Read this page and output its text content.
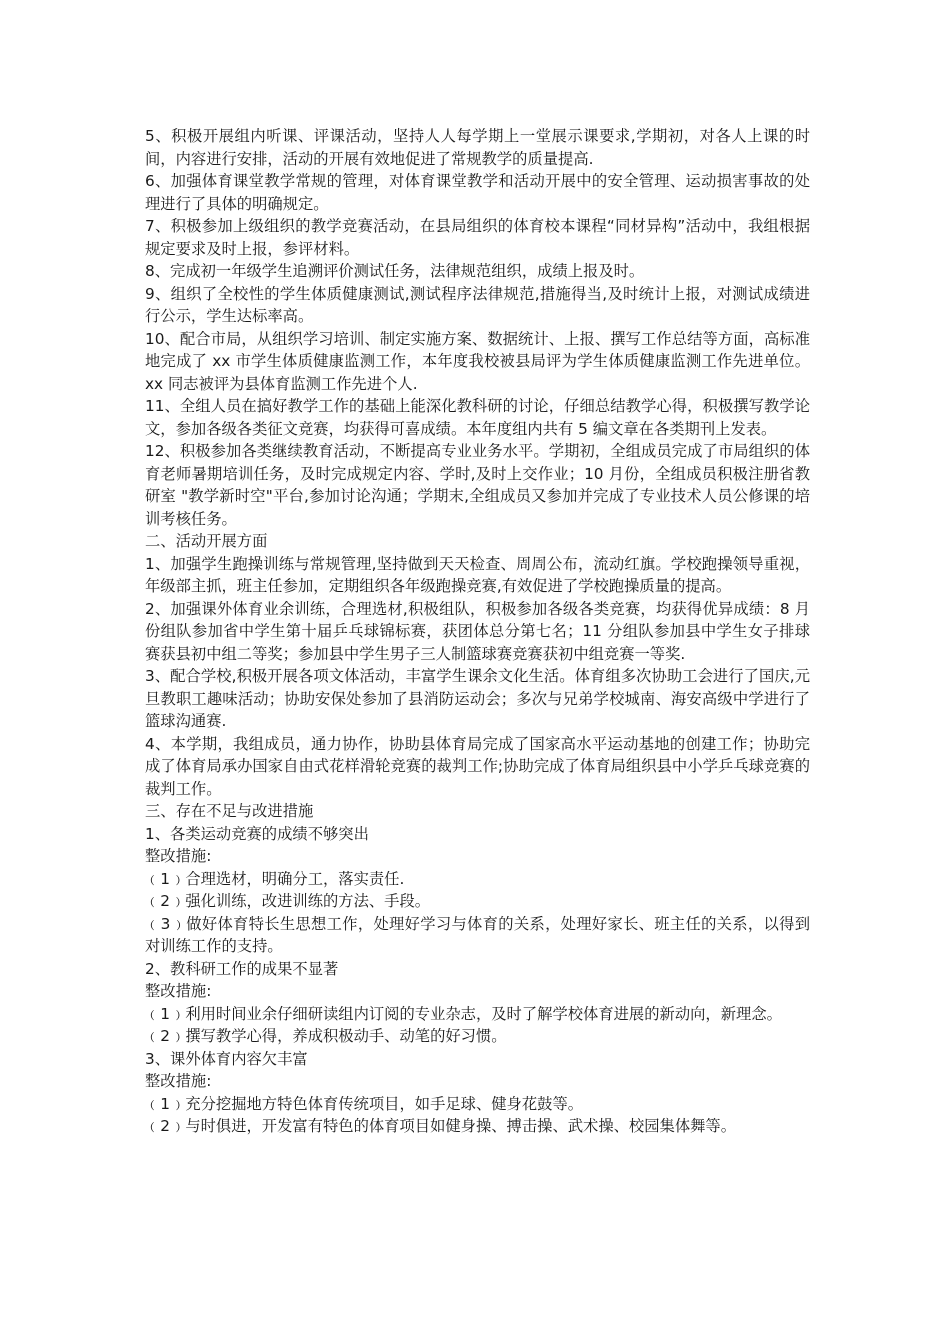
5、积极开展组内听课、评课活动，坚持人人每学期上一堂展示课要求,学期初，对各人上课的时间，内容进行安排，活动的开展有效地促进了常规教学的质量提高.

6、加强体育课堂教学常规的管理，对体育课堂教学和活动开展中的安全管理、运动损害事故的处理进行了具体的明确规定。

7、积极参加上级组织的教学竞赛活动，在县局组织的体育校本课程“同材异构”活动中，我组根据规定要求及时上报，参评材料。

8、完成初一年级学生追溯评价测试任务，法律规范组织，成绩上报及时。

9、组织了全校性的学生体质健康测试,测试程序法律规范,措施得当,及时统计上报，对测试成绩进行公示，学生达标率高。

10、配合市局，从组织学习培训、制定实施方案、数据统计、上报、撰写工作总结等方面，高标准地完成了 xx 市学生体质健康监测工作，本年度我校被县局评为学生体质健康监测工作先进单位。xx 同志被评为县体育监测工作先进个人.

11、全组人员在搞好教学工作的基础上能深化教科研的讨论，仔细总结教学心得，积极撰写教学论文，参加各级各类征文竞赛，均获得可喜成绩。本年度组内共有 5 编文章在各类期刊上发表。

12、积极参加各类继续教育活动，不断提高专业业务水平。学期初，全组成员完成了市局组织的体育老师暑期培训任务，及时完成规定内容、学时,及时上交作业；10 月份，全组成员积极注册省教研室 "教学新时空"平台,参加讨论沟通；学期末,全组成员又参加并完成了专业技术人员公修课的培训考核任务。

二、活动开展方面

1、加强学生跑操训练与常规管理,坚持做到天天检查、周周公布，流动红旗。学校跑操领导重视，年级部主抓，班主任参加，定期组织各年级跑操竞赛,有效促进了学校跑操质量的提高。

2、加强课外体育业余训练，合理选材,积极组队，积极参加各级各类竞赛，均获得优异成绩：8 月份组队参加省中学生第十届乒乓球锦标赛，获团体总分第七名；11 分组队参加县中学生女子排球赛获县初中组二等奖；参加县中学生男子三人制篮球赛竞赛获初中组竞赛一等奖.

3、配合学校,积极开展各项文体活动，丰富学生课余文化生活。体育组多次协助工会进行了国庆,元旦教职工趣味活动；协助安保处参加了县消防运动会；多次与兄弟学校城南、海安高级中学进行了篮球沟通赛.

4、本学期，我组成员，通力协作，协助县体育局完成了国家高水平运动基地的创建工作；协助完成了体育局承办国家自由式花样滑轮竞赛的裁判工作;协助完成了体育局组织县中小学乒乓球竞赛的裁判工作。

三、存在不足与改进措施

1、各类运动竞赛的成绩不够突出

整改措施:

﹙1﹚合理选材，明确分工，落实责任.

﹙2﹚强化训练，改进训练的方法、手段。

﹙3﹚做好体育特长生思想工作，处理好学习与体育的关系，处理好家长、班主任的关系，以得到对训练工作的支持。

2、教科研工作的成果不显著

整改措施:

﹙1﹚利用时间业余仔细研读组内订阅的专业杂志，及时了解学校体育进展的新动向，新理念。

﹙2﹚撰写教学心得，养成积极动手、动笔的好习惯。

3、课外体育内容欠丰富

整改措施:

﹙1﹚充分挖掘地方特色体育传统项目，如手足球、健身花鼓等。

﹙2﹚与时俱进，开发富有特色的体育项目如健身操、搏击操、武术操、校园集体舞等。
